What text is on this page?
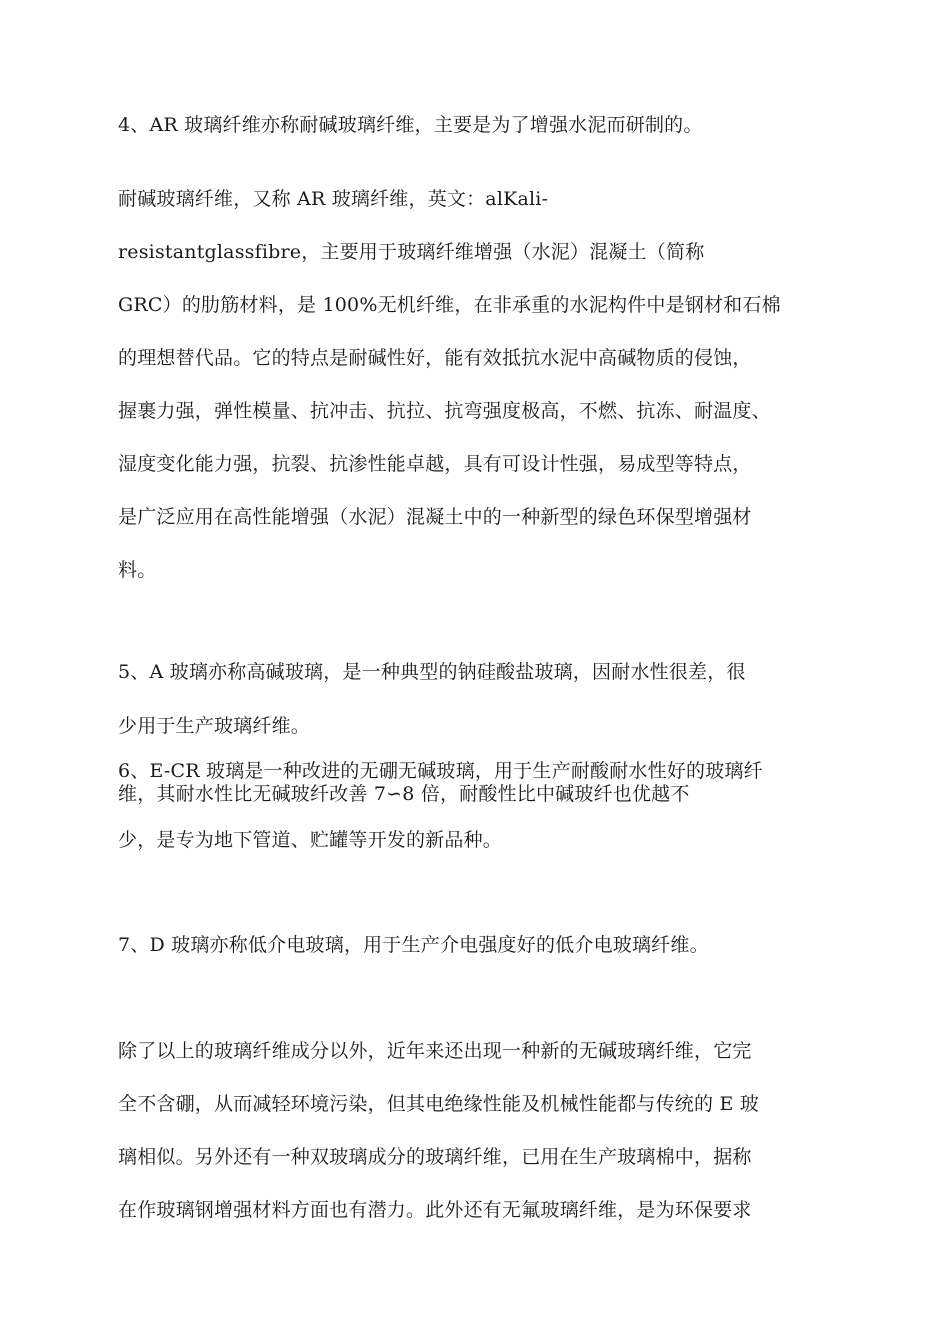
4、AR 玻璃纤维亦称耐碱玻璃纤维，主要是为了增强水泥而研制的。
耐碱玻璃纤维，又称 AR 玻璃纤维，英文：alKali-
resistantglassfibre，主要用于玻璃纤维增强（水泥）混凝土（简称
GRC）的肋筋材料，是 100%无机纤维，在非承重的水泥构件中是钢材和石棉
的理想替代品。它的特点是耐碱性好，能有效抵抗水泥中高碱物质的侵蚀，
握裹力强，弹性模量、抗冲击、抗拉、抗弯强度极高，不燃、抗冻、耐温度、
湿度变化能力强，抗裂、抗渗性能卓越，具有可设计性强，易成型等特点，
是广泛应用在高性能增强（水泥）混凝土中的一种新型的绿色环保型增强材
料。
5、A 玻璃亦称高碱玻璃，是一种典型的钠硅酸盐玻璃，因耐水性很差，很
少用于生产玻璃纤维。
6、E-CR 玻璃是一种改进的无硼无碱玻璃，用于生产耐酸耐水性好的玻璃纤
维，其耐水性比无碱玻纤改善 7∽8 倍，耐酸性比中碱玻纤也优越不
少，是专为地下管道、贮罐等开发的新品种。
7、D 玻璃亦称低介电玻璃，用于生产介电强度好的低介电玻璃纤维。
除了以上的玻璃纤维成分以外，近年来还出现一种新的无碱玻璃纤维，它完
全不含硼，从而减轻环境污染，但其电绝缘性能及机械性能都与传统的 E 玻
璃相似。另外还有一种双玻璃成分的玻璃纤维，已用在生产玻璃棉中，据称
在作玻璃钢增强材料方面也有潜力。此外还有无氟玻璃纤维，是为环保要求
